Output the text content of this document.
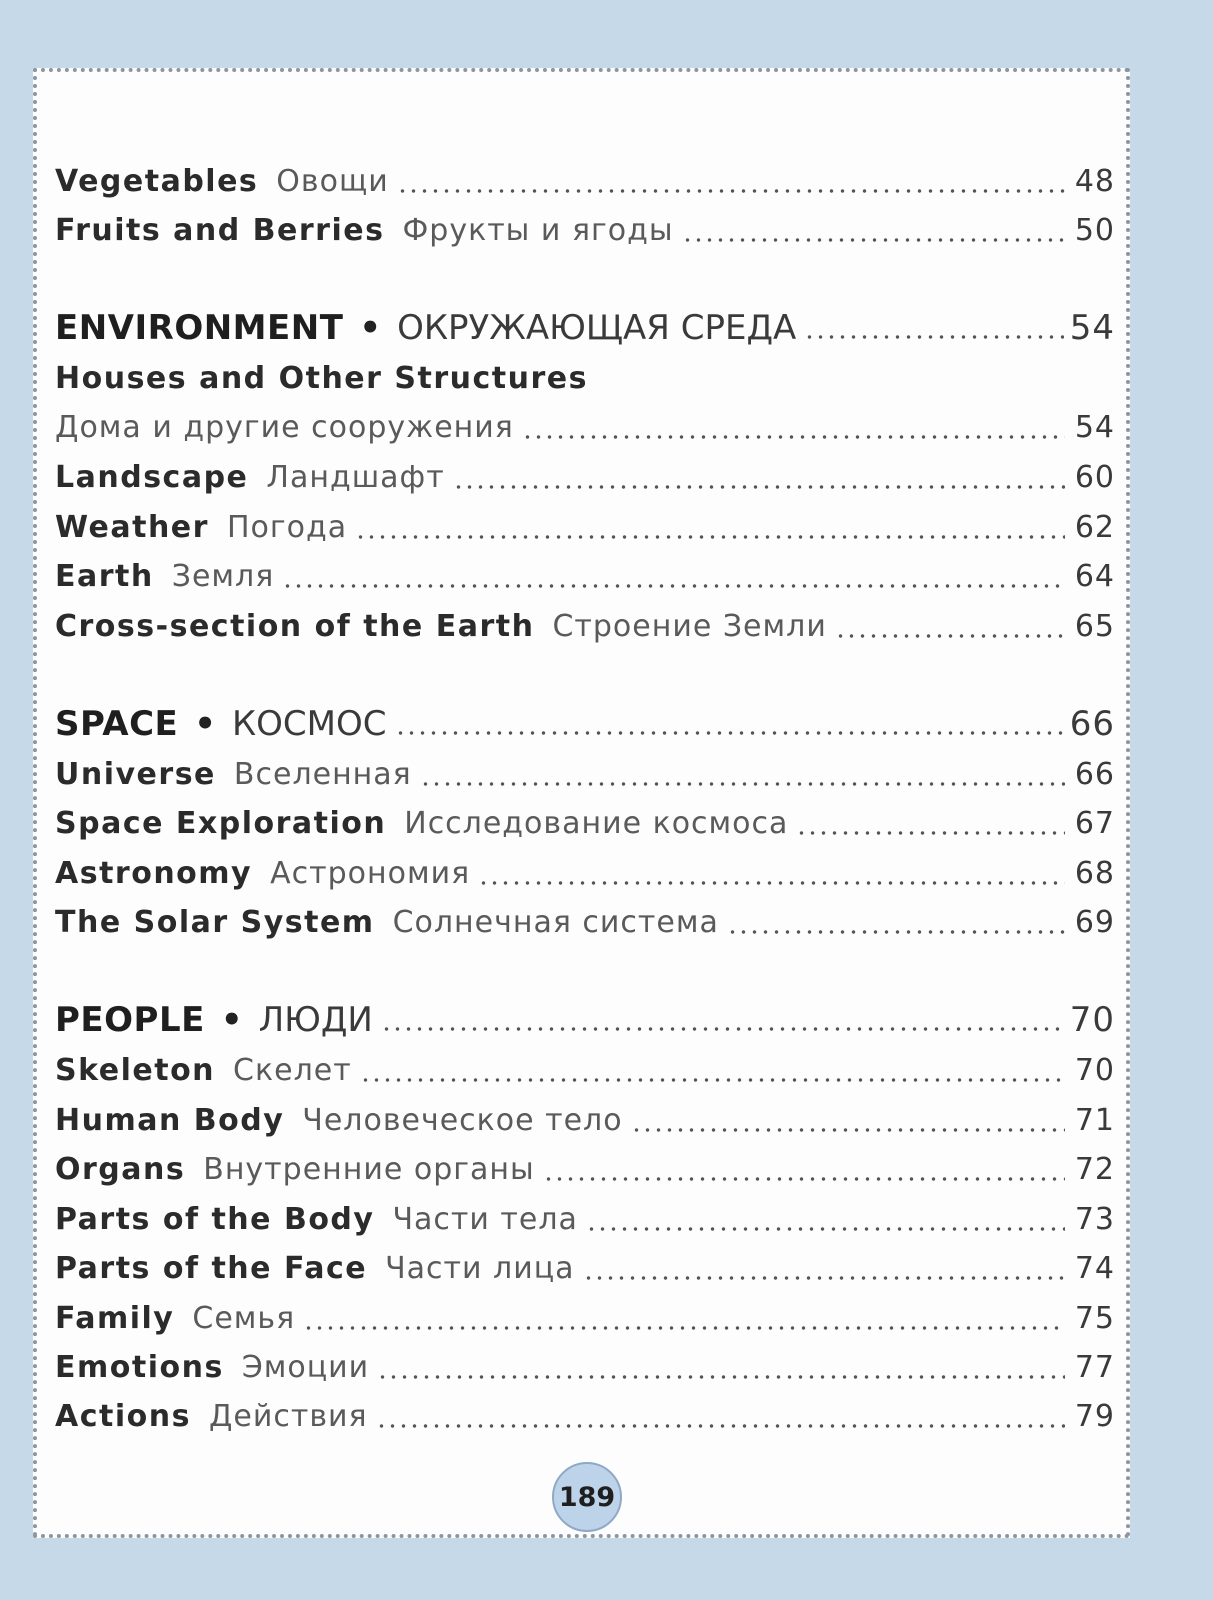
Vegetables Овощи	48
Fruits and Berries Фрукты и ягоды	50
ENVIRONMENT • ОКРУЖАЮЩАЯ СРЕДА	54
Houses and Other Structures
Дома и другие сооружения	54
Landscape Ландшафт	60
Weather Погода	62
Earth Земля	64
Cross-section of the Earth Строение Земли	65
SPACE • КОСМОС	66
Universe Вселенная	66
Space Exploration Исследование космоса	67
Astronomy Астрономия	68
The Solar System Солнечная система	69
PEOPLE • ЛЮДИ	70
Skeleton Скелет	70
Human Body Человеческое тело	71
Organs Внутренние органы	72
Parts of the Body Части тела	73
Parts of the Face Части лица	74
Family Семья	75
Emotions Эмоции	77
Actions Действия	79
189
